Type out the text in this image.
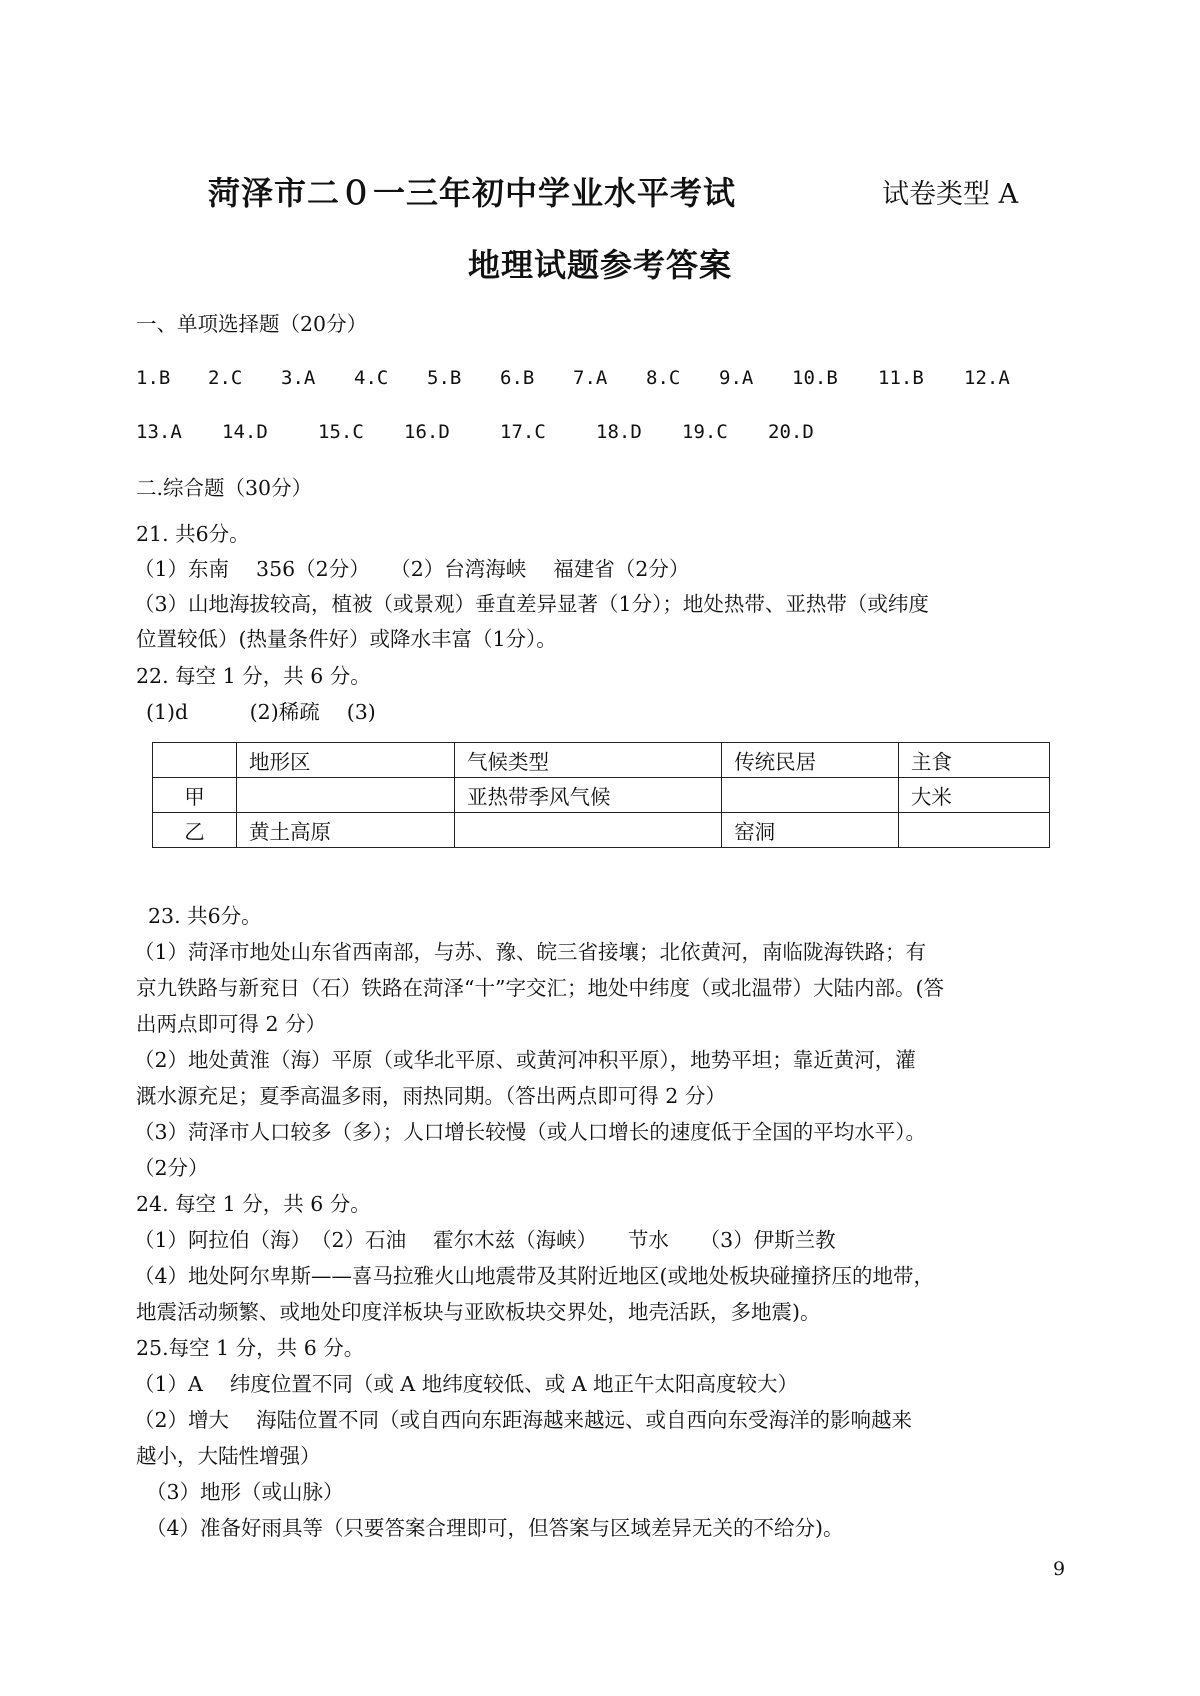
菏泽市二０一三年初中学业水平考试	试卷类型 A
地理试题参考答案
一、单项选择题（20分）
1.B 2.C 3.A 4.C 5.B 6.B 7.A 8.C 9.A 10.B 11.B 12.A
13.A 14.D	15.C 16.D	17.C	18.D 19.C 20.D
二.综合题（30分）
21. 共6分。
（1）东南　 356（2分）　　（2）台湾海峡　 福建省（2分）
（3）山地海拔较高，植被（或景观）垂直差异显著（1分）；地处热带、亚热带（或纬度
位置较低）(热量条件好）或降水丰富（1分）。
22. 每空 1 分，共 6 分。
(1)d　　　(2)稀疏　 (3)
	地形区	气候类型	传统民居	主食
甲		亚热带季风气候		大米
乙	黄土高原		窑洞	
23. 共6分。
（1）菏泽市地处山东省西南部，与苏、豫、皖三省接壤；北依黄河，南临陇海铁路；有
京九铁路与新兖日（石）铁路在菏泽“十”字交汇；地处中纬度（或北温带）大陆内部。(答
出两点即可得 2 分）
（2）地处黄淮（海）平原（或华北平原、或黄河冲积平原），地势平坦；靠近黄河，灌
溉水源充足；夏季高温多雨，雨热同期。（答出两点即可得 2 分）
（3）菏泽市人口较多（多）；人口增长较慢（或人口增长的速度低于全国的平均水平）。
（2分）
24. 每空 1 分，共 6 分。
（1）阿拉伯（海）　（2）石油　 霍尔木兹（海峡）　　节水　　（3）伊斯兰教
（4）地处阿尔卑斯——喜马拉雅火山地震带及其附近地区(或地处板块碰撞挤压的地带，
地震活动频繁、或地处印度洋板块与亚欧板块交界处，地壳活跃，多地震)。
25.每空 1 分，共 6 分。
（1）A　 纬度位置不同（或 A 地纬度较低、或 A 地正午太阳高度较大）
（2）增大　 海陆位置不同（或自西向东距海越来越远、或自西向东受海洋的影响越来
越小，大陆性增强）
（3）地形（或山脉）
（4）准备好雨具等（只要答案合理即可，但答案与区域差异无关的不给分)。
9
